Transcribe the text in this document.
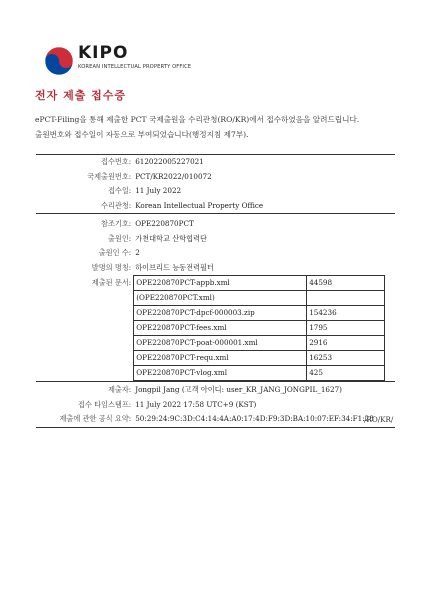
KIPO
KOREAN INTELLECTUAL PROPERTY OFFICE
전자 제출 접수증
ePCT-Filing을 통해 제출한 PCT 국제출원을 수리관청(RO/KR)에서 접수하였음을 알려드립니다.
출원번호와 접수일이 자동으로 부여되었습니다(행정지침 제7부).
접수번호:	612022005227021
국제출원번호:	PCT/KR2022/010072
접수일:	11 July 2022
수리관청:	Korean Intellectual Property Office
참조기호:	OPE220870PCT
출원인:	가천대학교 산학협력단
출원인 수:	2
발명의 명칭:	하이브리드 능동전력필터
제출된 문서:	OPE220870PCT-appb.xml	44598
(OPE220870PCT.xml)	
OPE220870PCT-dpcf-000003.zip	154236
OPE220870PCT-fees.xml	1795
OPE220870PCT-poat-000001.xml	2916
OPE220870PCT-requ.xml	16253
OPE220870PCT-vlog.xml	425

제출자:	Jongpil Jang (고객 아이디: user_KR_JANG_JONGPIL_1627)
접수 타임스탬프:	11 July 2022 17:58 UTC+9 (KST)
제출에 관한 공식 요약:	50:29:24:9C:3D:C4:14:4A:A0:17:4D:F9:3D:BA:10:07:EF:34:F1:28
/RO/KR/
